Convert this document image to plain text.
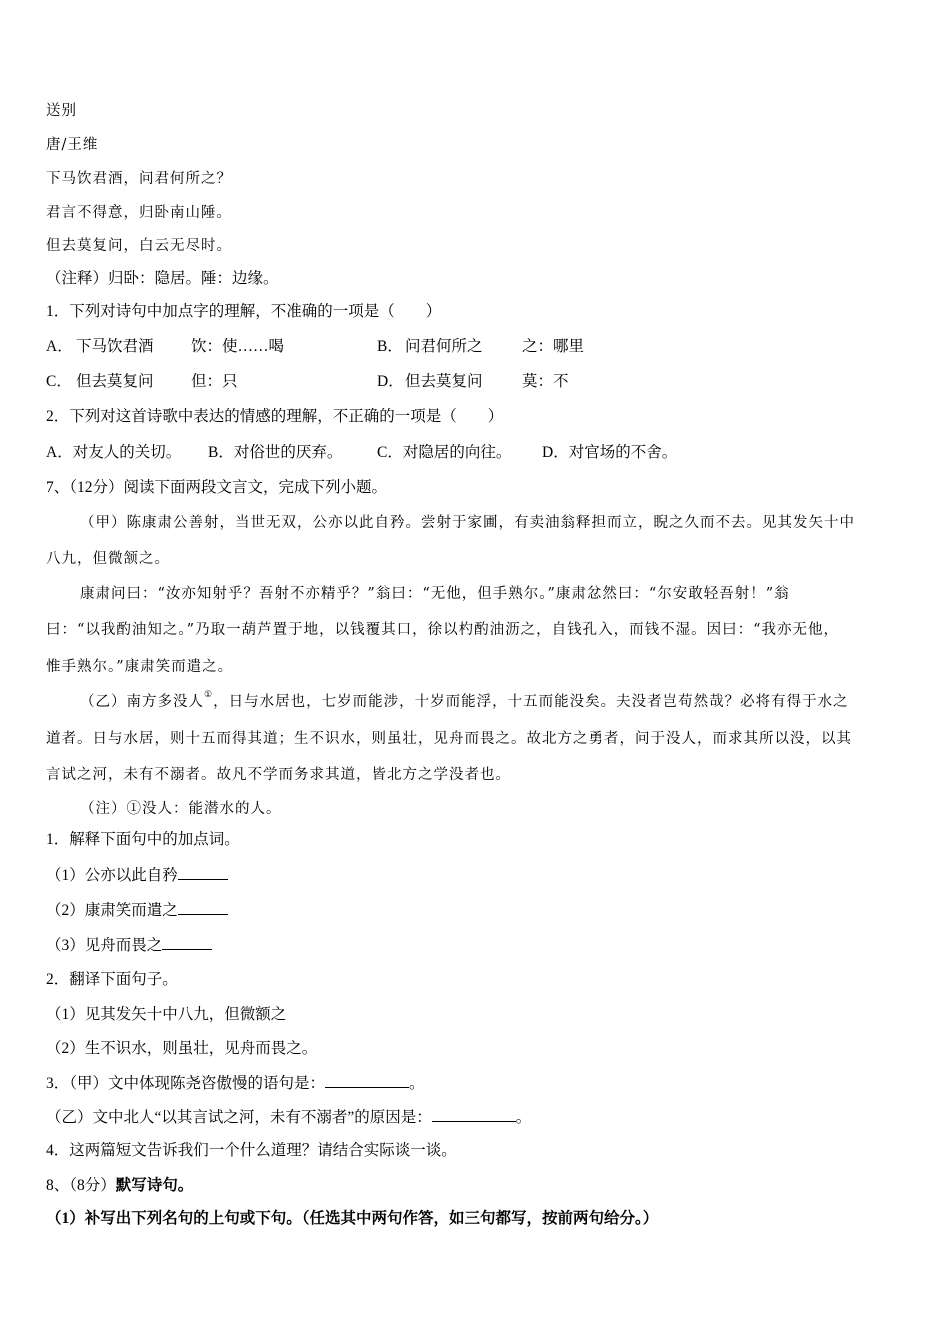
送别
唐/王维
下马饮君酒，问君何所之？
君言不得意，归卧南山陲。
但去莫复问，白云无尽时。
（注释）归卧：隐居。陲：边缘。
1．下列对诗句中加点字的理解，不准确的一项是（　　）
A． 下马饮君酒 饮：使……喝	B． 问君何所之	之：哪里
C． 但去莫复问 但：只	D． 但去莫复问	莫：不
2．下列对这首诗歌中表达的情感的理解，不正确的一项是（　　）
A．对友人的关切。 B．对俗世的厌弃。 C．对隐居的向往。 D．对官场的不舍。
7、（12分）阅读下面两段文言文，完成下列小题。
（甲）陈康肃公善射，当世无双，公亦以此自矜。尝射于家圃，有卖油翁释担而立，睨之久而不去。见其发矢十中
八九，但微颔之。
康肃问曰：“汝亦知射乎？吾射不亦精乎？”翁曰：“无他，但手熟尔。”康肃忿然曰：“尔安敢轻吾射！”翁
曰：“以我酌油知之。”乃取一葫芦置于地，以钱覆其口，徐以杓酌油沥之，自钱孔入，而钱不湿。因曰：“我亦无他，
惟手熟尔。”康肃笑而遣之。
（乙）南方多没人①，日与水居也，七岁而能涉，十岁而能浮，十五而能没矣。夫没者岂苟然哉？必将有得于水之
道者。日与水居，则十五而得其道；生不识水，则虽壮，见舟而畏之。故北方之勇者，问于没人，而求其所以没，以其
言试之河，未有不溺者。故凡不学而务求其道，皆北方之学没者也。
（注）①没人：能潜水的人。
1．解释下面句中的加点词。
（1）公亦以此自矜
（2）康肃笑而遣之
（3）见舟而畏之
2．翻译下面句子。
（1）见其发矢十中八九，但微额之
（2）生不识水，则虽壮，见舟而畏之。
3．（甲）文中体现陈尧咨傲慢的语句是：	。
（乙）文中北人“以其言试之河，未有不溺者”的原因是：	。
4．这两篇短文告诉我们一个什么道理？请结合实际谈一谈。
8、（8分）默写诗句。
（1）补写出下列名句的上句或下句。（任选其中两句作答，如三句都写，按前两句给分。）
